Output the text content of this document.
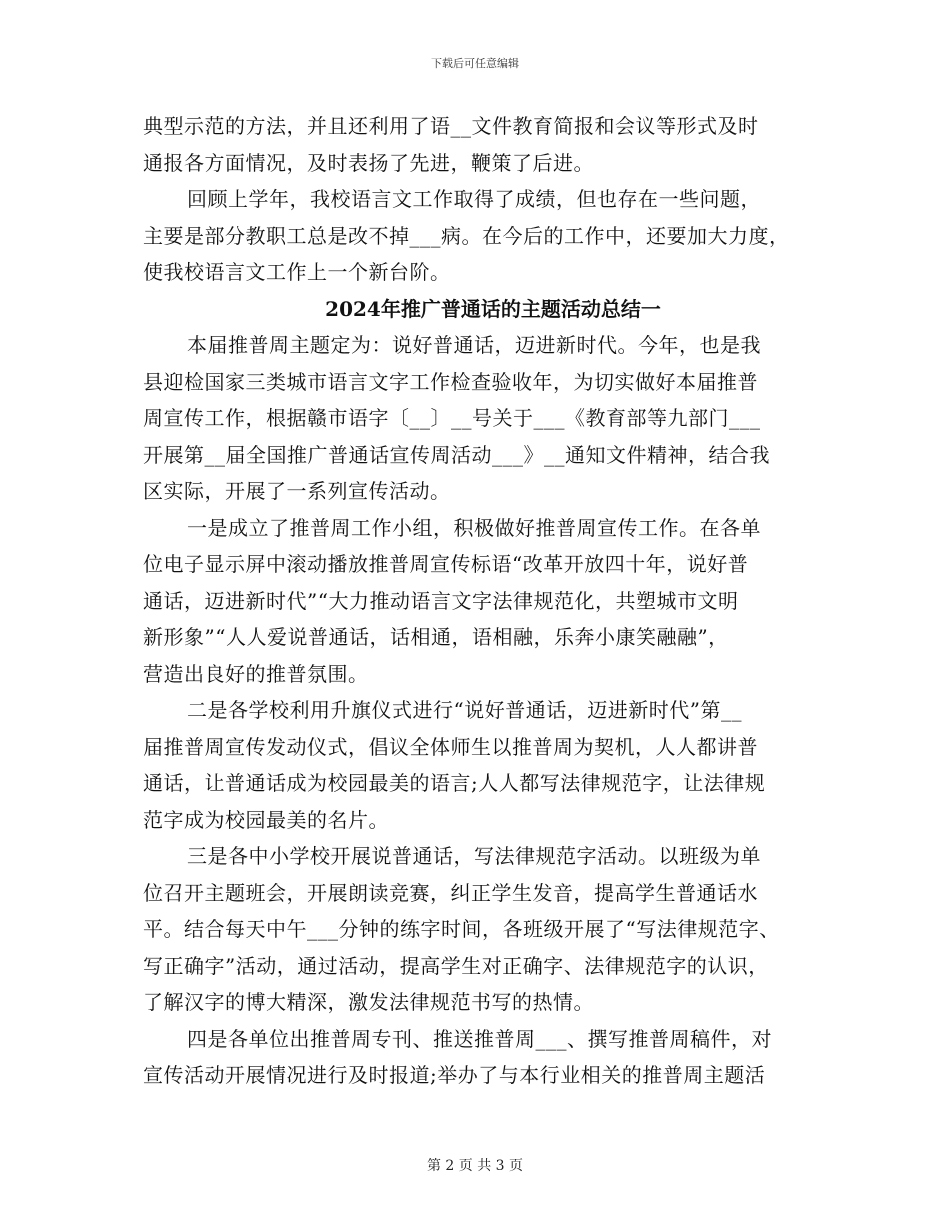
下载后可任意编辑
典型示范的方法，并且还利用了语__文件教育简报和会议等形式及时
通报各方面情况，及时表扬了先进，鞭策了后进。
回顾上学年，我校语言文工作取得了成绩，但也存在一些问题，
主要是部分教职工总是改不掉___病。在今后的工作中，还要加大力度，
使我校语言文工作上一个新台阶。
2024年推广普通话的主题活动总结一
本届推普周主题定为：说好普通话，迈进新时代。今年，也是我
县迎检国家三类城市语言文字工作检查验收年，为切实做好本届推普
周宣传工作，根据赣市语字〔__〕__号关于___《教育部等九部门___
开展第__届全国推广普通话宣传周活动___》__通知文件精神，结合我
区实际，开展了一系列宣传活动。
一是成立了推普周工作小组，积极做好推普周宣传工作。在各单
位电子显示屏中滚动播放推普周宣传标语“改革开放四十年，说好普
通话，迈进新时代”“大力推动语言文字法律规范化，共塑城市文明
新形象”“人人爱说普通话，话相通，语相融，乐奔小康笑融融”，
营造出良好的推普氛围。
二是各学校利用升旗仪式进行“说好普通话，迈进新时代”第__
届推普周宣传发动仪式，倡议全体师生以推普周为契机，人人都讲普
通话，让普通话成为校园最美的语言;人人都写法律规范字，让法律规
范字成为校园最美的名片。
三是各中小学校开展说普通话，写法律规范字活动。以班级为单
位召开主题班会，开展朗读竞赛，纠正学生发音，提高学生普通话水
平。结合每天中午___分钟的练字时间，各班级开展了“写法律规范字、
写正确字”活动，通过活动，提高学生对正确字、法律规范字的认识，
了解汉字的博大精深，激发法律规范书写的热情。
四是各单位出推普周专刊、推送推普周___、撰写推普周稿件，对
宣传活动开展情况进行及时报道;举办了与本行业相关的推普周主题活
第 2 页 共 3 页
